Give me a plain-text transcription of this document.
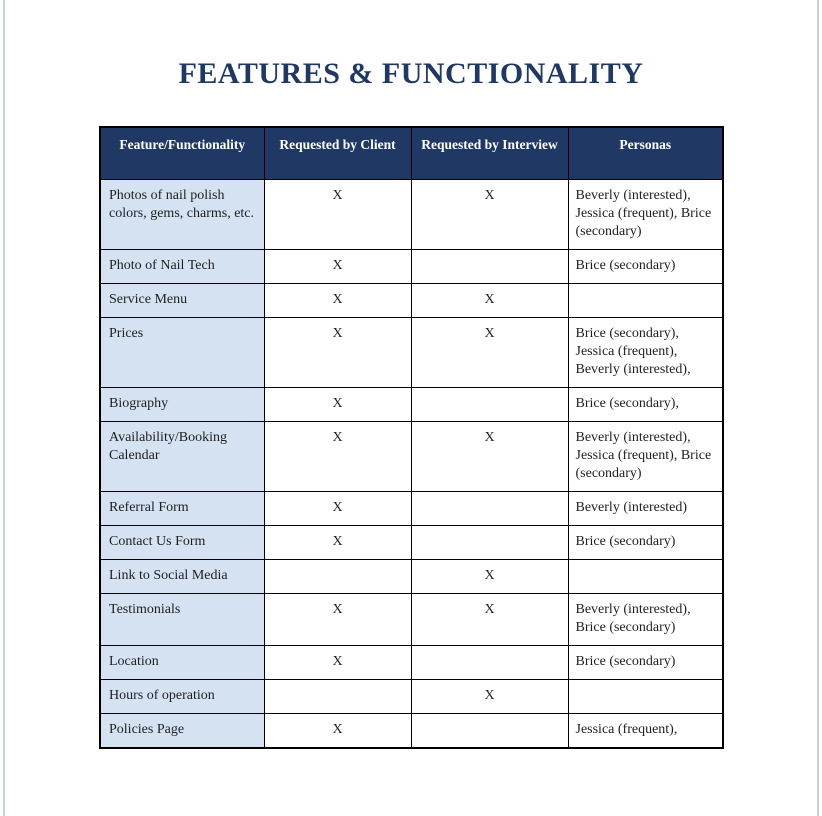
FEATURES & FUNCTIONALITY
Feature/Functionality	Requested by Client	Requested by Interview	Personas
Photos of nail polish colors, gems, charms, etc.	X	X	Beverly (interested), Jessica (frequent), Brice (secondary)
Photo of Nail Tech	X		Brice (secondary)
Service Menu	X	X	
Prices	X	X	Brice (secondary), Jessica (frequent), Beverly (interested),
Biography	X		Brice (secondary),
Availability/Booking Calendar	X	X	Beverly (interested), Jessica (frequent), Brice (secondary)
Referral Form	X		Beverly (interested)
Contact Us Form	X		Brice (secondary)
Link to Social Media		X	
Testimonials	X	X	Beverly (interested), Brice (secondary)
Location	X		Brice (secondary)
Hours of operation		X	
Policies Page	X		Jessica (frequent),
